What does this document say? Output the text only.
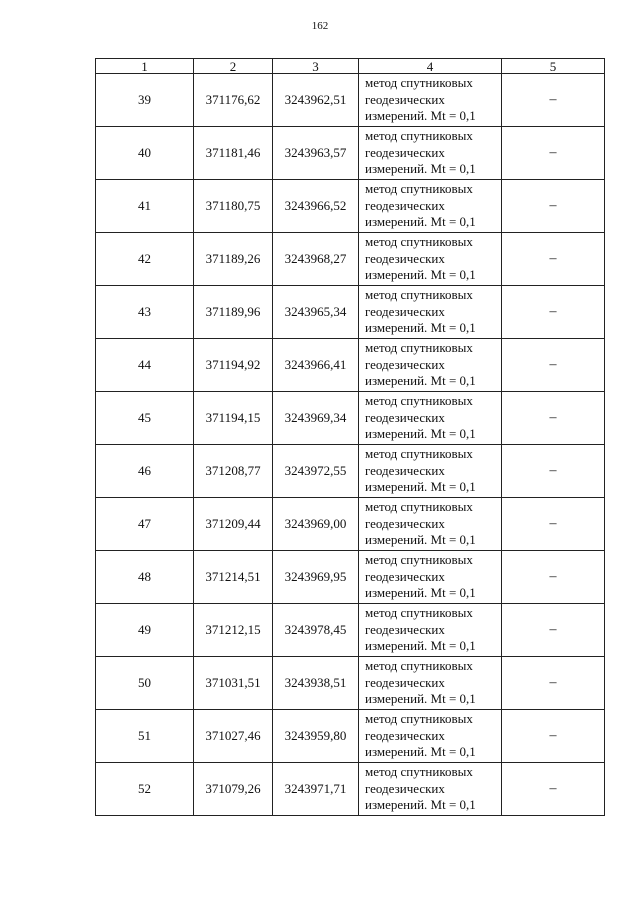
162
1	2	3	4	5
39	371176,62	3243962,51	метод спутниковых
геодезических
измерений. Mt = 0,1	–
40	371181,46	3243963,57	метод спутниковых
геодезических
измерений. Mt = 0,1	–
41	371180,75	3243966,52	метод спутниковых
геодезических
измерений. Mt = 0,1	–
42	371189,26	3243968,27	метод спутниковых
геодезических
измерений. Mt = 0,1	–
43	371189,96	3243965,34	метод спутниковых
геодезических
измерений. Mt = 0,1	–
44	371194,92	3243966,41	метод спутниковых
геодезических
измерений. Mt = 0,1	–
45	371194,15	3243969,34	метод спутниковых
геодезических
измерений. Mt = 0,1	–
46	371208,77	3243972,55	метод спутниковых
геодезических
измерений. Mt = 0,1	–
47	371209,44	3243969,00	метод спутниковых
геодезических
измерений. Mt = 0,1	–
48	371214,51	3243969,95	метод спутниковых
геодезических
измерений. Mt = 0,1	–
49	371212,15	3243978,45	метод спутниковых
геодезических
измерений. Mt = 0,1	–
50	371031,51	3243938,51	метод спутниковых
геодезических
измерений. Mt = 0,1	–
51	371027,46	3243959,80	метод спутниковых
геодезических
измерений. Mt = 0,1	–
52	371079,26	3243971,71	метод спутниковых
геодезических
измерений. Mt = 0,1	–
